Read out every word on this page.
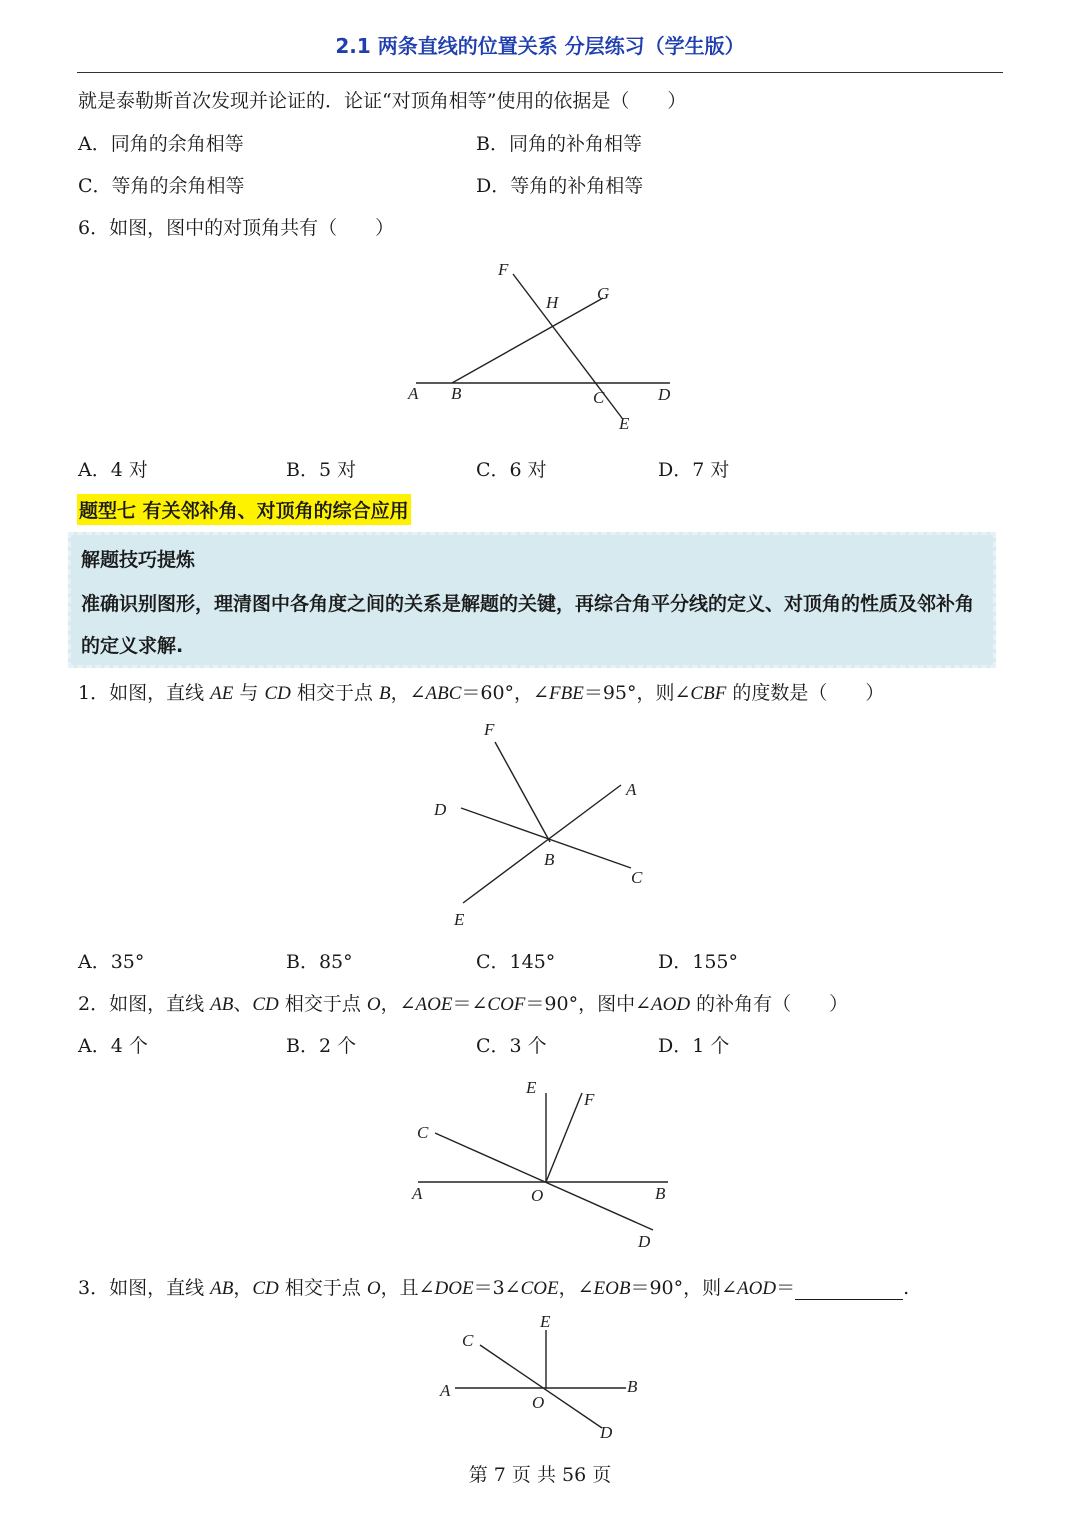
2.1 两条直线的位置关系 分层练习（学生版）
就是泰勒斯首次发现并论证的．论证“对顶角相等”使用的依据是（　　）
A．同角的余角相等	B．同角的补角相等
C．等角的余角相等	D．等角的补角相等
6．如图，图中的对顶角共有（　　）
F
H G
A B	C	D
E
A．4 对	B．5 对	C．6 对	D．7 对
题型七 有关邻补角、对顶角的综合应用
解题技巧提炼
准确识别图形，理清图中各角度之间的关系是解题的关键，再综合角平分线的定义、对顶角的性质及邻补角的定义求解.
1．如图，直线 AE 与 CD 相交于点 B，∠ABC＝60°，∠FBE＝95°，则∠CBF 的度数是（　　）
F
A
D
B
C
E
A．35°	B．85°	C．145°	D．155°
2．如图，直线 AB、CD 相交于点 O，∠AOE＝∠COF＝90°，图中∠AOD 的补角有（　　）
A．4 个	B．2 个	C．3 个	D．1 个
E
F
C
A	O	B
D
3．如图，直线 AB，CD 相交于点 O，且∠DOE＝3∠COE，∠EOB＝90°，则∠AOD＝	.
E
C
A	B
O
D
第 7 页 共 56 页
